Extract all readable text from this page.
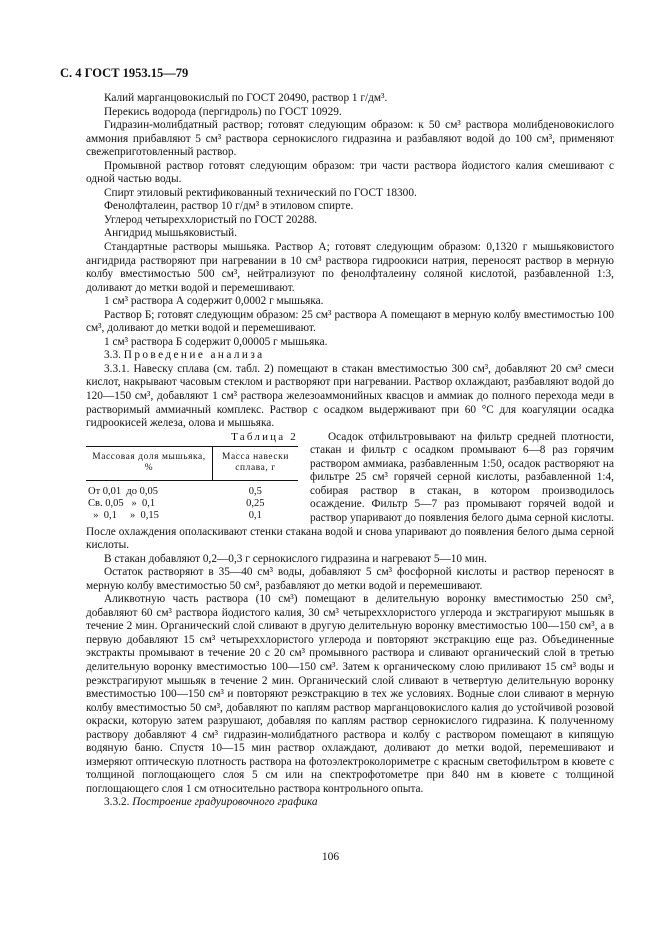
С. 4 ГОСТ 1953.15—79

Калий марганцовокислый по ГОСТ 20490, раствор 1 г/дм³.

Перекись водорода (пергидроль) по ГОСТ 10929.

Гидразин-молибдатный раствор; готовят следующим образом: к 50 см³ раствора молибденовокислого аммония прибавляют 5 см³ раствора сернокислого гидразина и разбавляют водой до 100 см³, применяют свежеприготовленный раствор.

Промывной раствор готовят следующим образом: три части раствора йодистого калия смешивают с одной частью воды.

Спирт этиловый ректификованный технический по ГОСТ 18300.

Фенолфталеин, раствор 10 г/дм³ в этиловом спирте.

Углерод четыреххлористый по ГОСТ 20288.

Ангидрид мышьяковистый.

Стандартные растворы мышьяка. Раствор А; готовят следующим образом: 0,1320 г мышьяковистого ангидрида растворяют при нагревании в 10 см³ раствора гидроокиси натрия, переносят раствор в мерную колбу вместимостью 500 см³, нейтрализуют по фенолфталеину соляной кислотой, разбавленной 1:3, доливают до метки водой и перемешивают.

1 см³ раствора А содержит 0,0002 г мышьяка.

Раствор Б; готовят следующим образом: 25 см³ раствора А помещают в мерную колбу вместимостью 100 см³, доливают до метки водой и перемешивают.

1 см³ раствора Б содержит 0,00005 г мышьяка.

3.3. Проведение анализа

3.3.1. Навеску сплава (см. табл. 2) помещают в стакан вместимостью 300 см³, добавляют 20 см³ смеси кислот, накрывают часовым стеклом и растворяют при нагревании. Раствор охлаждают, разбавляют водой до 120—150 см³, добавляют 1 см³ раствора железоаммонийных квасцов и аммиак до полного перехода меди в растворимый аммиачный комплекс. Раствор с осадком выдерживают при 60 °С для коагуляции осадка гидроокисей железа, олова и мышьяка.

Таблица 2
Массовая доля мышьяка, %	Масса навески сплава, г
От 0,01  до 0,05	0,5
Св. 0,05   »  0,1	0,25
»  0,1     »  0,15	0,1

Осадок отфильтровывают на фильтр средней плотности, стакан и фильтр с осадком промывают 6—8 раз горячим раствором аммиака, разбавленным 1:50, осадок растворяют на фильтре 25 см³ горячей серной кислоты, разбавленной 1:4, собирая раствор в стакан, в котором производилось осаждение. Фильтр 5—7 раз промывают горячей водой и раствор упаривают до появления белого дыма серной кислоты. После охлаждения ополаскивают стенки стакана водой и снова упаривают до появления белого дыма серной кислоты.

В стакан добавляют 0,2—0,3 г сернокислого гидразина и нагревают 5—10 мин.

Остаток растворяют в 35—40 см³ воды, добавляют 5 см³ фосфорной кислоты и раствор переносят в мерную колбу вместимостью 50 см³, разбавляют до метки водой и перемешивают.

Аликвотную часть раствора (10 см³) помещают в делительную воронку вместимостью 250 см³, добавляют 60 см³ раствора йодистого калия, 30 см³ четыреххлористого углерода и экстрагируют мышьяк в течение 2 мин. Органический слой сливают в другую делительную воронку вместимостью 100—150 см³, а в первую добавляют 15 см³ четыреххлористого углерода и повторяют экстракцию еще раз. Объединенные экстракты промывают в течение 20 с 20 см³ промывного раствора и сливают органический слой в третью делительную воронку вместимостью 100—150 см³. Затем к органическому слою приливают 15 см³ воды и реэкстрагируют мышьяк в течение 2 мин. Органический слой сливают в четвертую делительную воронку вместимостью 100—150 см³ и повторяют реэкстракцию в тех же условиях. Водные слои сливают в мерную колбу вместимостью 50 см³, добавляют по каплям раствор марганцовокислого калия до устойчивой розовой окраски, которую затем разрушают, добавляя по каплям раствор сернокислого гидразина. К полученному раствору добавляют 4 см³ гидразин-молибдатного раствора и колбу с раствором помещают в кипящую водяную баню. Спустя 10—15 мин раствор охлаждают, доливают до метки водой, перемешивают и измеряют оптическую плотность раствора на фотоэлектроколориметре с красным светофильтром в кювете с толщиной поглощающего слоя 5 см или на спектрофотометре при 840 нм в кювете с толщиной поглощающего слоя 1 см относительно раствора контрольного опыта.

3.3.2. Построение градуировочного графика

106
